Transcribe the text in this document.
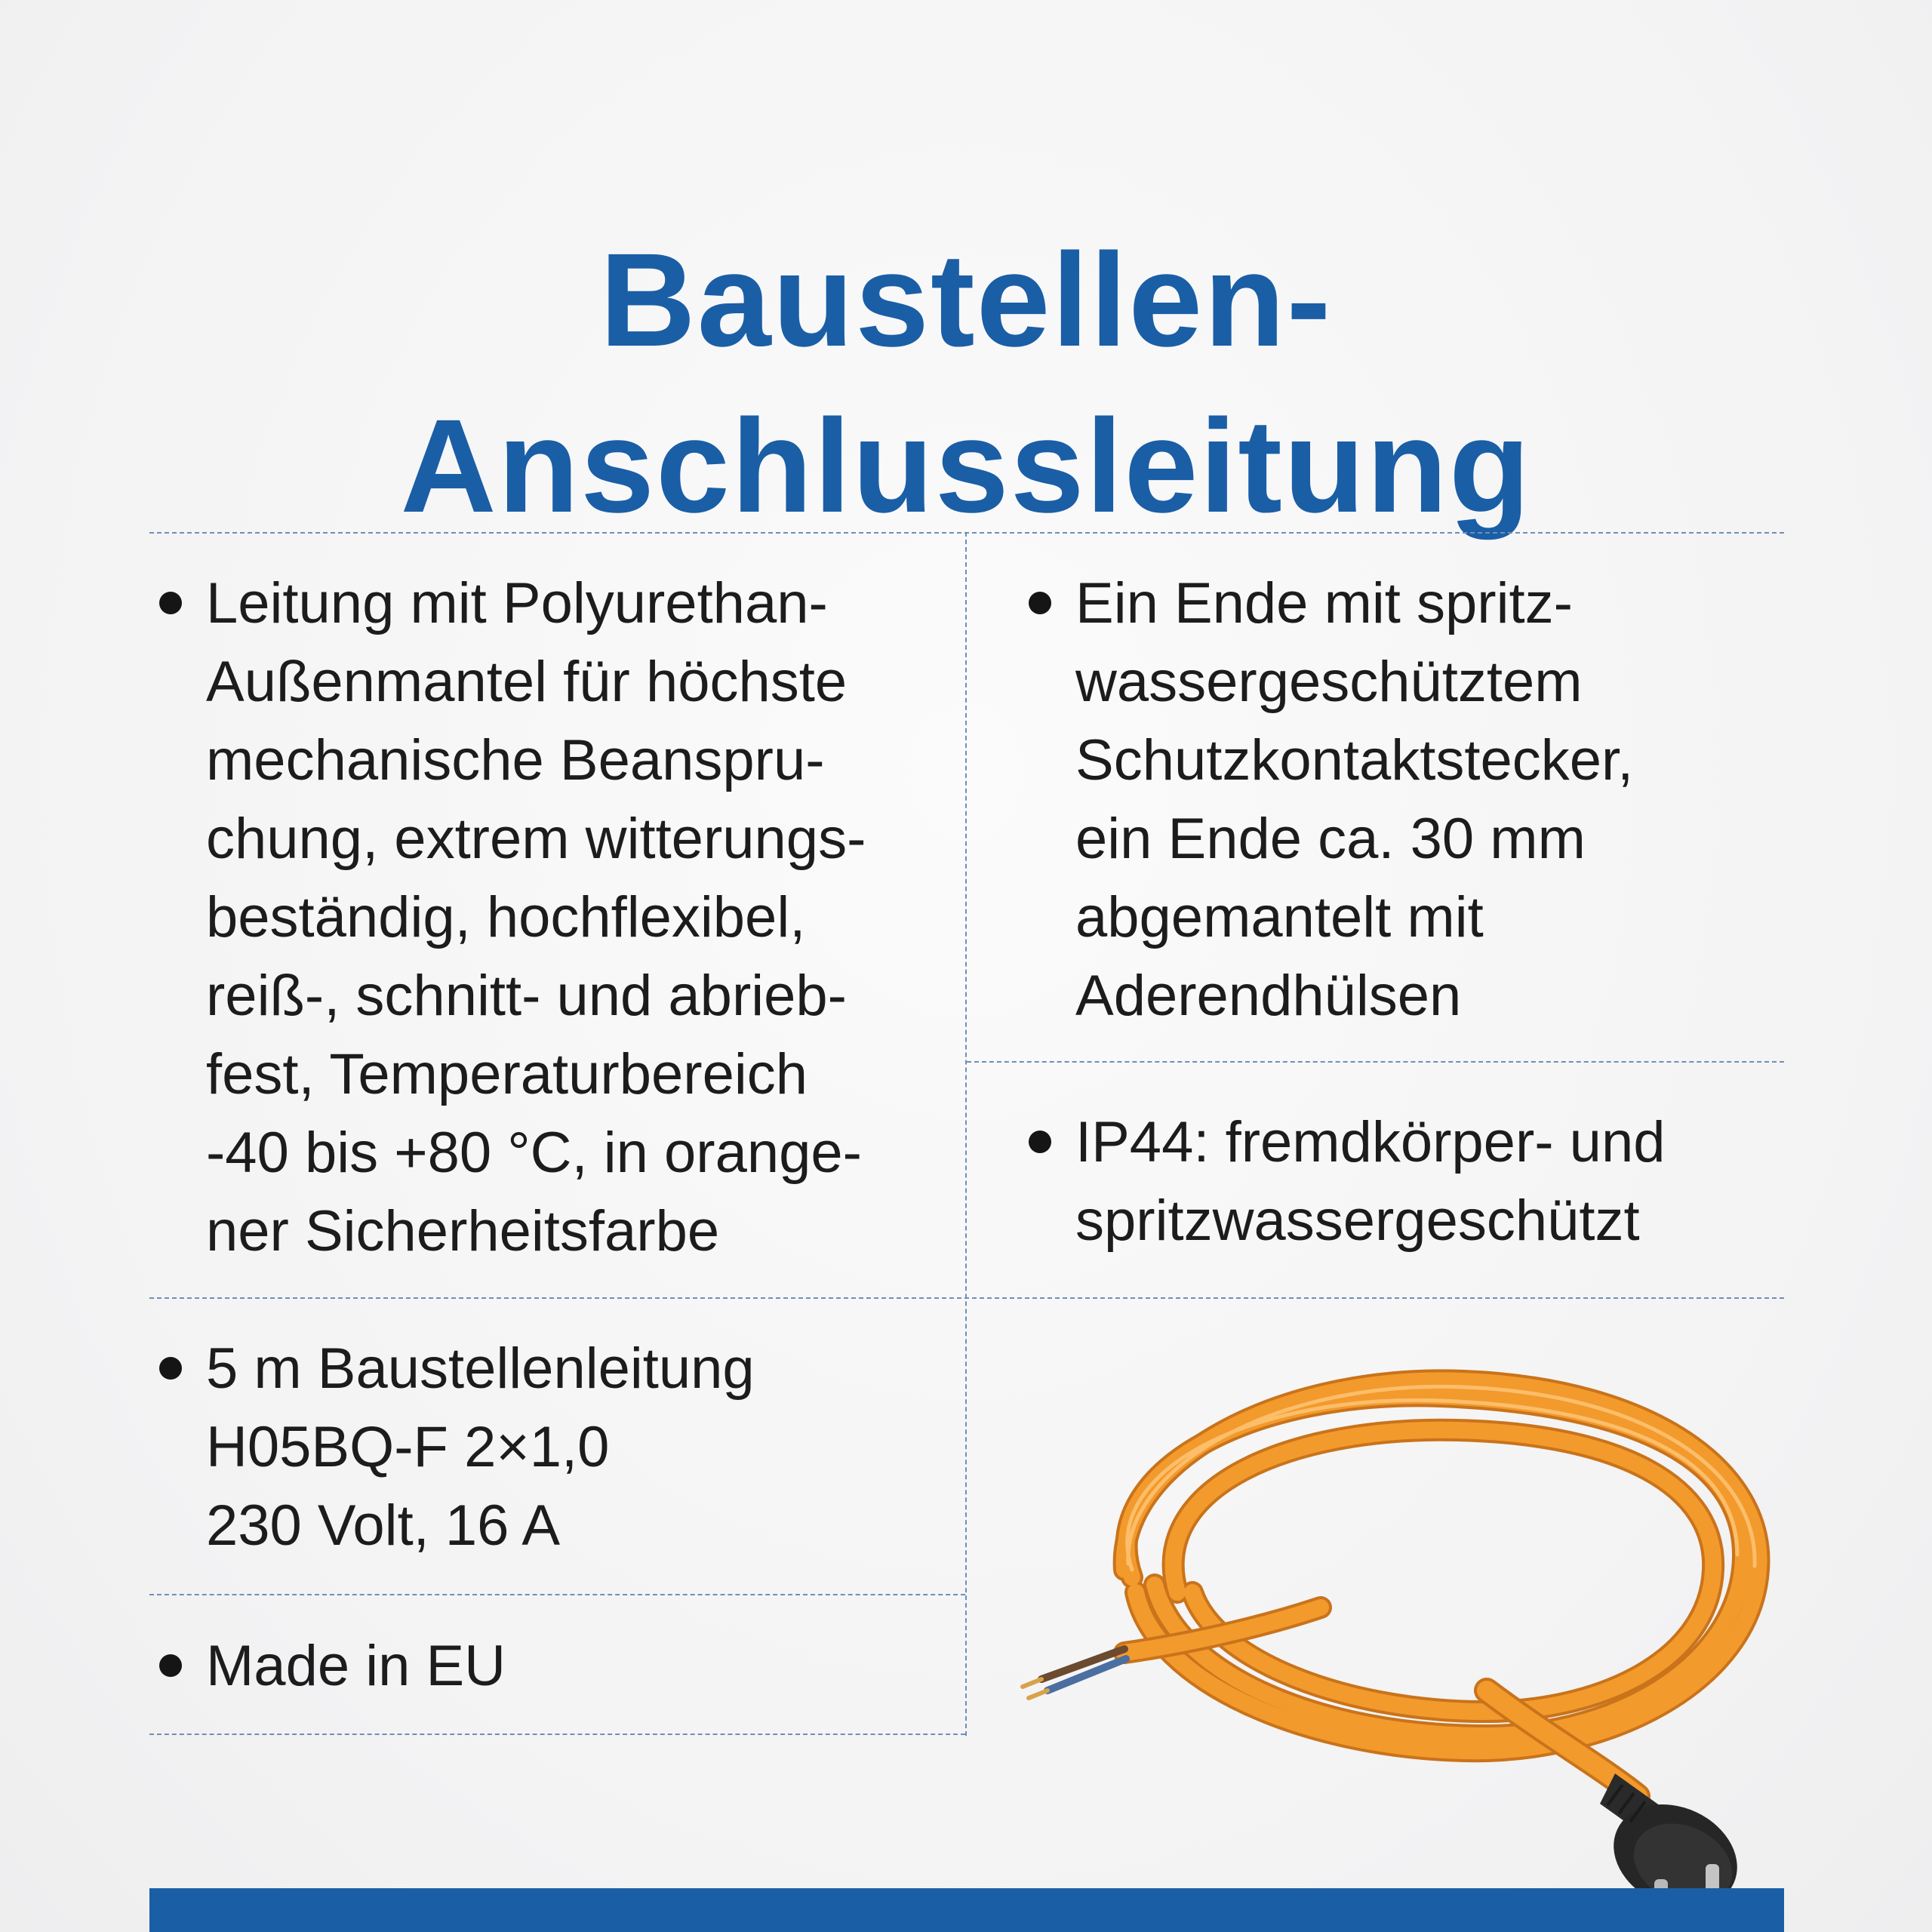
Baustellen-
Anschlussleitung
Leitung mit Polyurethan-
Außenmantel für höchste
mechanische Beanspru-
chung, extrem witterungs-
beständig, hochflexibel,
reiß-, schnitt- und abrieb-
fest, Temperaturbereich
-40 bis +80 °C, in orange-
ner Sicherheitsfarbe
Ein Ende mit spritz-
wassergeschütztem
Schutzkontaktstecker,
ein Ende ca. 30 mm
abgemantelt mit
Aderendhülsen
IP44: fremdkörper- und
spritzwassergeschützt
5 m Baustellenleitung
H05BQ-F 2×1,0
230 Volt, 16 A
Made in EU
